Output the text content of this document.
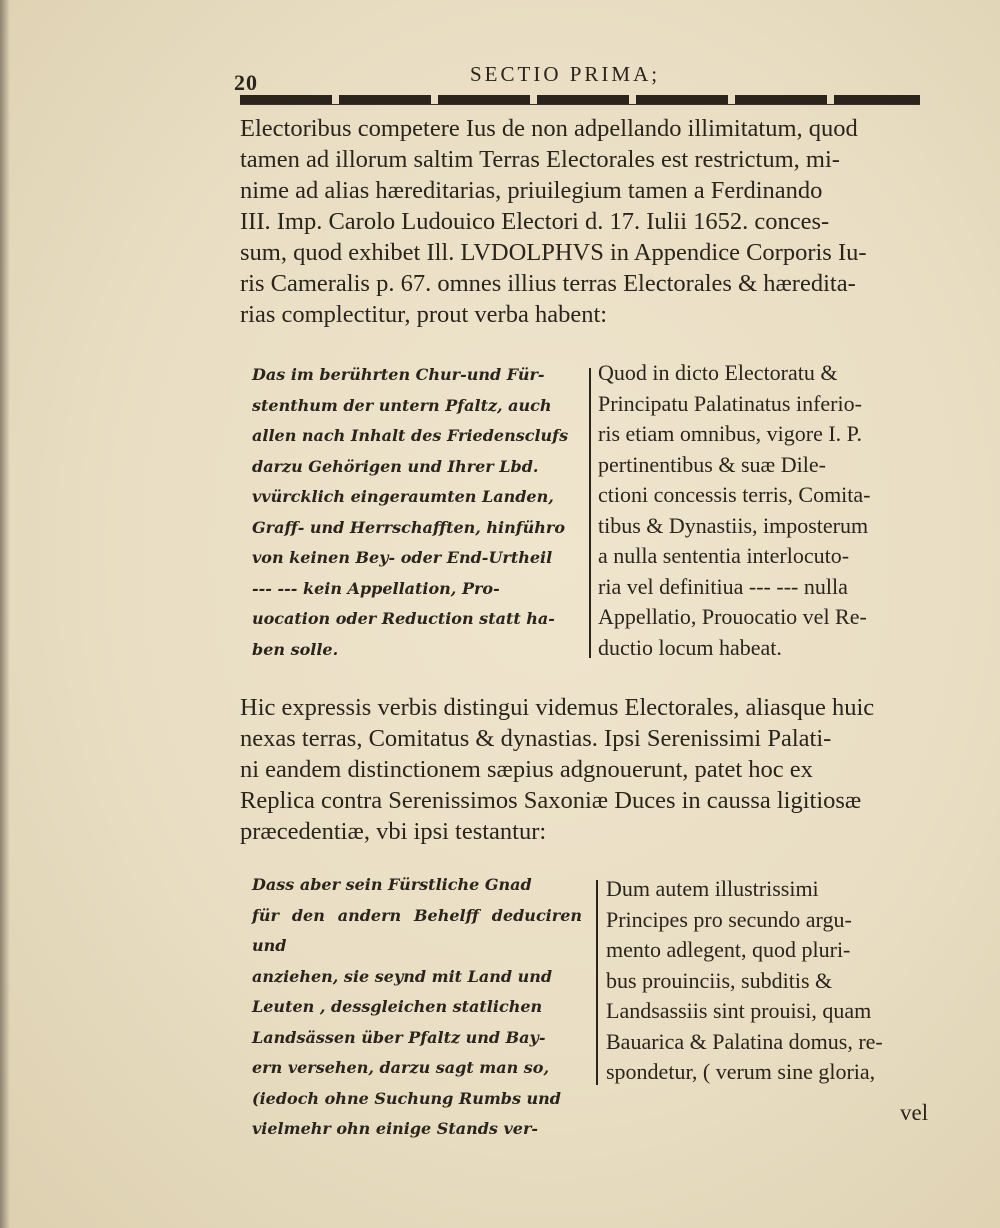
20	SECTIO PRIMA;

Electoribus competere Ius de non adpellando illimitatum, quod

tamen ad illorum saltim Terras Electorales est restrictum, mi-

nime ad alias hæreditarias, priuilegium tamen a Ferdinando

III. Imp. Carolo Ludouico Electori d. 17. Iulii 1652. conces-

sum, quod exhibet Ill. LVDOLPHVS in Appendice Corporis Iu-

ris Cameralis p. 67. omnes illius terras Electorales & hæredita-

rias complectitur, prout verba habent:

Das im berührten Chur-und Für-

stenthum der untern Pfaltz, auch

allen nach Inhalt des Friedensclufs

darzu Gehörigen und Ihrer Lbd.

vvürcklich eingeraumten Landen,

Graff- und Herrschafften, hinführo

von keinen Bey- oder End-Urtheil

--- --- kein Appellation, Pro-

uocation oder Reduction statt ha-

ben solle.

Quod in dicto Electoratu &

Principatu Palatinatus inferio-

ris etiam omnibus, vigore I. P.

pertinentibus & suæ Dile-

ctioni concessis terris, Comita-

tibus & Dynastiis, imposterum

a nulla sententia interlocuto-

ria vel definitiua --- --- nulla

Appellatio, Prouocatio vel Re-

ductio locum habeat.

Hic expressis verbis distingui videmus Electorales, aliasque huic

nexas terras, Comitatus & dynastias. Ipsi Serenissimi Palati-

ni eandem distinctionem sæpius adgnouerunt, patet hoc ex

Replica contra Serenissimos Saxoniæ Duces in caussa ligitiosæ

præcedentiæ, vbi ipsi testantur:

Dass aber sein Fürstliche Gnad

für den andern Behelff deduciren und

anziehen, sie seynd mit Land und

Leuten , dessgleichen statlichen

Landsässen über Pfaltz und Bay-

ern versehen, darzu sagt man so,

(iedoch ohne Suchung Rumbs und

vielmehr ohn einige Stands ver-

Dum autem illustrissimi

Principes pro secundo argu-

mento adlegent, quod pluri-

bus prouinciis, subditis &

Landsassiis sint prouisi, quam

Bauarica & Palatina domus, re-

spondetur, ( verum sine gloria,

vel
